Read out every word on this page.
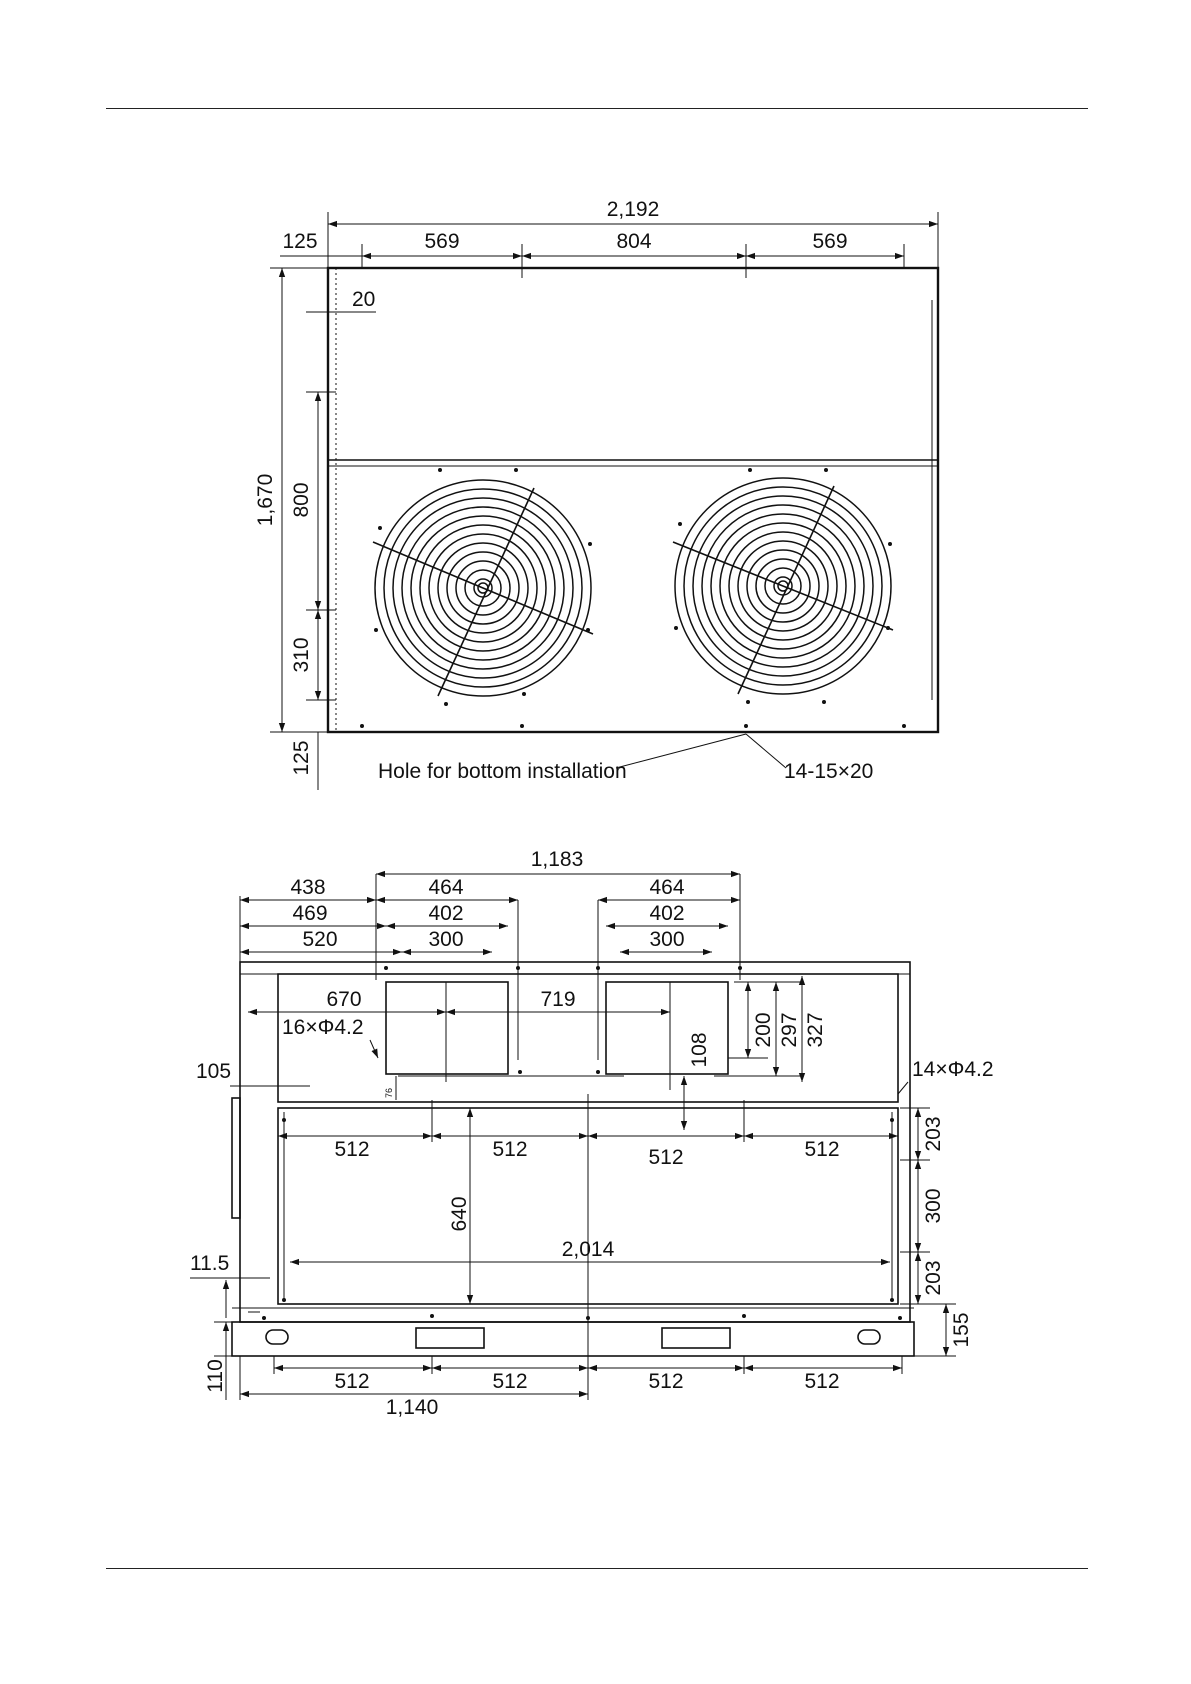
2,192
569	804	569
125
20
1,670 800
310
125	Hole for bottom installation	14-15×20
1,183
438
469
520
464
402
300
464
402
300
670	719
16×Φ4.2
105
76
200 297 327
108
14×Φ4.2
512	512	512	512
640
2,014
203
300
203
155
11.5
110	512	512	512	512
1,140
